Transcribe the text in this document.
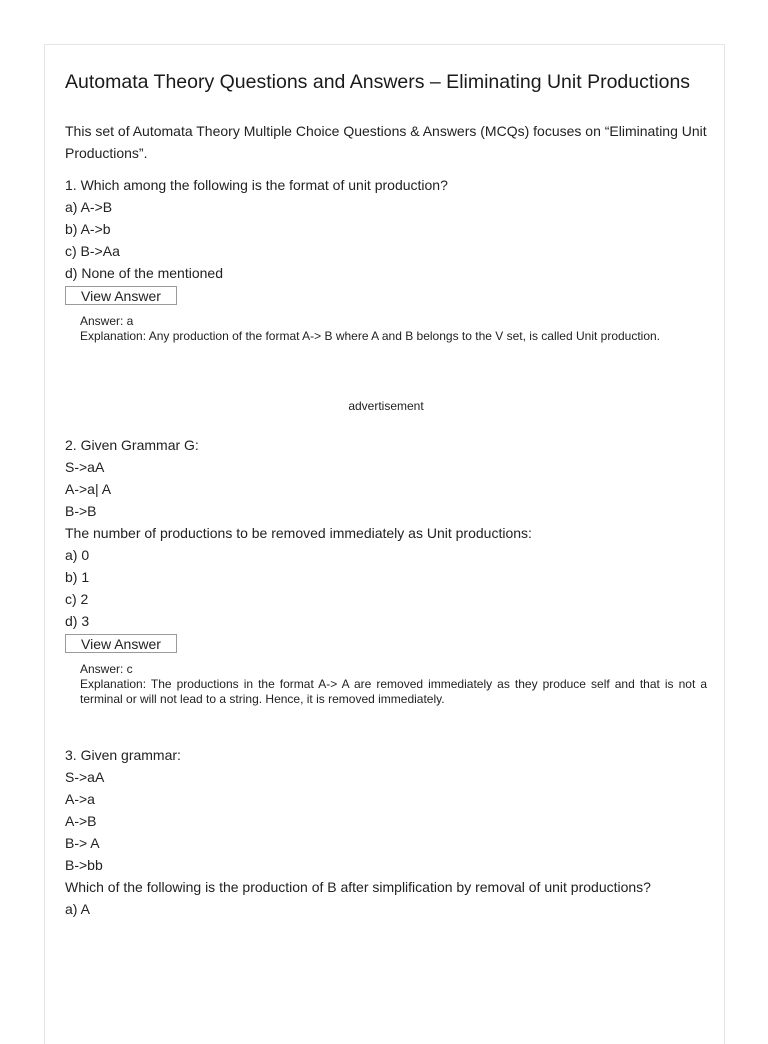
Automata Theory Questions and Answers – Eliminating Unit Productions
This set of Automata Theory Multiple Choice Questions & Answers (MCQs) focuses on “Eliminating Unit Productions”.
1. Which among the following is the format of unit production?
a) A->B
b) A->b
c) B->Aa
d) None of the mentioned
View Answer
Answer: a
Explanation: Any production of the format A-> B where A and B belongs to the V set, is called Unit production.
advertisement
2. Given Grammar G:
S->aA
A->a| A
B->B
The number of productions to be removed immediately as Unit productions:
a) 0
b) 1
c) 2
d) 3
View Answer
Answer: c
Explanation: The productions in the format A-> A are removed immediately as they produce self and that is not a terminal or will not lead to a string. Hence, it is removed immediately.
3. Given grammar:
S->aA
A->a
A->B
B-> A
B->bb
Which of the following is the production of B after simplification by removal of unit productions?
a) A
